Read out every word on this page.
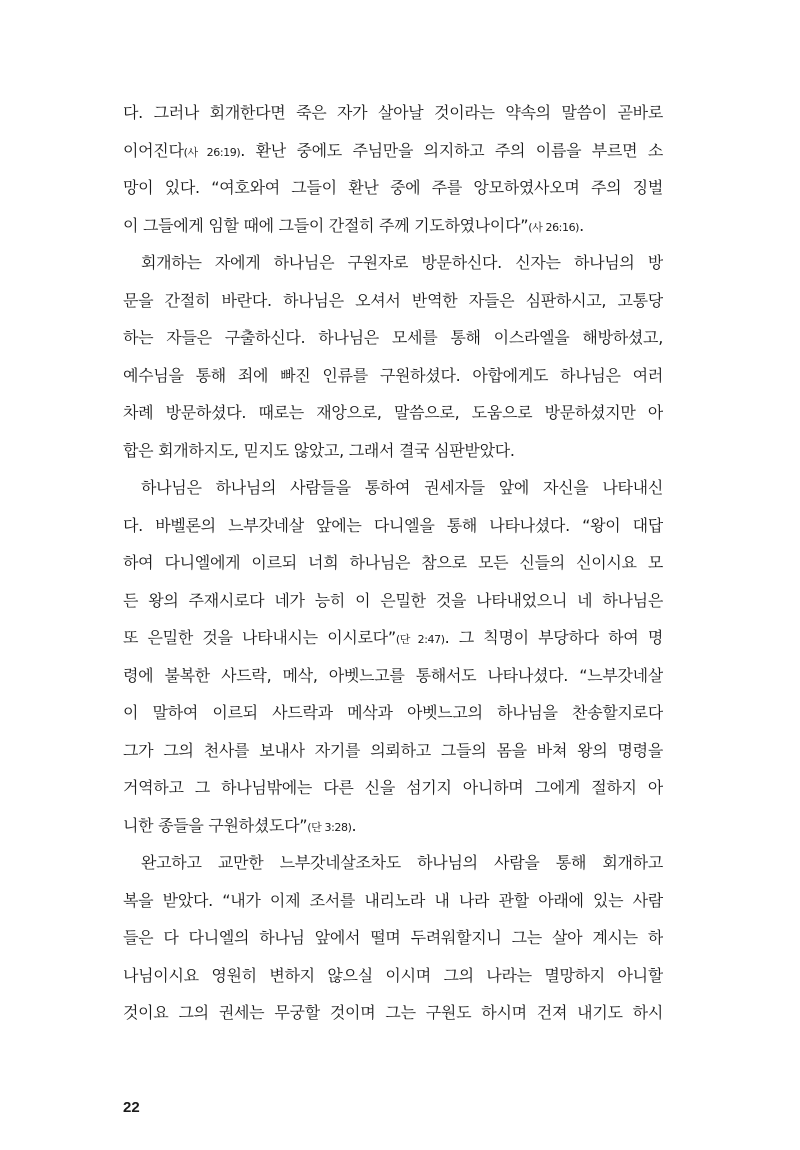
다. 그러나 회개한다면 죽은 자가 살아날 것이라는 약속의 말씀이 곧바로
이어진다(사 26:19). 환난 중에도 주님만을 의지하고 주의 이름을 부르면 소
망이 있다. “여호와여 그들이 환난 중에 주를 앙모하였사오며 주의 징벌
이 그들에게 임할 때에 그들이 간절히 주께 기도하였나이다”(사 26:16).
회개하는 자에게 하나님은 구원자로 방문하신다. 신자는 하나님의 방
문을 간절히 바란다. 하나님은 오셔서 반역한 자들은 심판하시고, 고통당
하는 자들은 구출하신다. 하나님은 모세를 통해 이스라엘을 해방하셨고,
예수님을 통해 죄에 빠진 인류를 구원하셨다. 아합에게도 하나님은 여러
차례 방문하셨다. 때로는 재앙으로, 말씀으로, 도움으로 방문하셨지만 아
합은 회개하지도, 믿지도 않았고, 그래서 결국 심판받았다.
하나님은 하나님의 사람들을 통하여 권세자들 앞에 자신을 나타내신
다. 바벨론의 느부갓네살 앞에는 다니엘을 통해 나타나셨다. “왕이 대답
하여 다니엘에게 이르되 너희 하나님은 참으로 모든 신들의 신이시요 모
든 왕의 주재시로다 네가 능히 이 은밀한 것을 나타내었으니 네 하나님은
또 은밀한 것을 나타내시는 이시로다”(단 2:47). 그 칙명이 부당하다 하여 명
령에 불복한 사드락, 메삭, 아벳느고를 통해서도 나타나셨다. “느부갓네살
이 말하여 이르되 사드락과 메삭과 아벳느고의 하나님을 찬송할지로다
그가 그의 천사를 보내사 자기를 의뢰하고 그들의 몸을 바쳐 왕의 명령을
거역하고 그 하나님밖에는 다른 신을 섬기지 아니하며 그에게 절하지 아
니한 종들을 구원하셨도다”(단 3:28).
완고하고 교만한 느부갓네살조차도 하나님의 사람을 통해 회개하고
복을 받았다. “내가 이제 조서를 내리노라 내 나라 관할 아래에 있는 사람
들은 다 다니엘의 하나님 앞에서 떨며 두려워할지니 그는 살아 계시는 하
나님이시요 영원히 변하지 않으실 이시며 그의 나라는 멸망하지 아니할
것이요 그의 권세는 무궁할 것이며 그는 구원도 하시며 건져 내기도 하시
22
